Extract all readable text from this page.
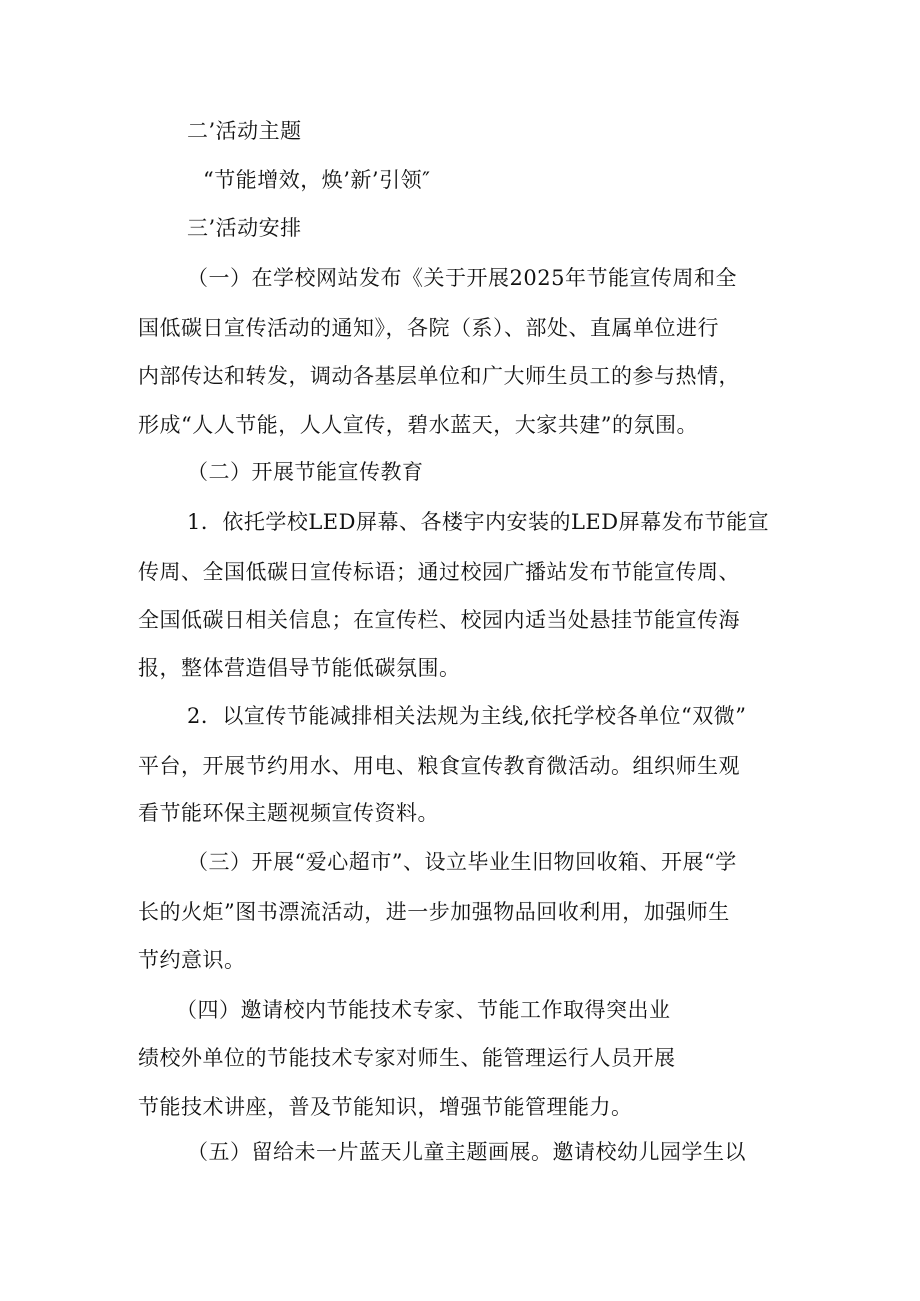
二’活动主题
“节能增效，焕’新’引领″
三’活动安排
（一）在学校网站发布《关于开展2025年节能宣传周和全
国低碳日宣传活动的通知》，各院（系）、部处、直属单位进行
内部传达和转发，调动各基层单位和广大师生员工的参与热情，
形成“人人节能，人人宣传，碧水蓝天，大家共建”的氛围。
（二）开展节能宣传教育
1．依托学校LED屏幕、各楼宇内安装的LED屏幕发布节能宣
传周、全国低碳日宣传标语；通过校园广播站发布节能宣传周、
全国低碳日相关信息；在宣传栏、校园内适当处悬挂节能宣传海
报，整体营造倡导节能低碳氛围。
2．以宣传节能减排相关法规为主线,依托学校各单位“双微”
平台，开展节约用水、用电、粮食宣传教育微活动。组织师生观
看节能环保主题视频宣传资料。
（三）开展“爱心超市”、设立毕业生旧物回收箱、开展“学
长的火炬”图书漂流活动，进一步加强物品回收利用，加强师生
节约意识。
（四）邀请校内节能技术专家、节能工作取得突出业
绩校外单位的节能技术专家对师生、能管理运行人员开展
节能技术讲座，普及节能知识，增强节能管理能力。
（五）留给未一片蓝天儿童主题画展。邀请校幼儿园学生以
